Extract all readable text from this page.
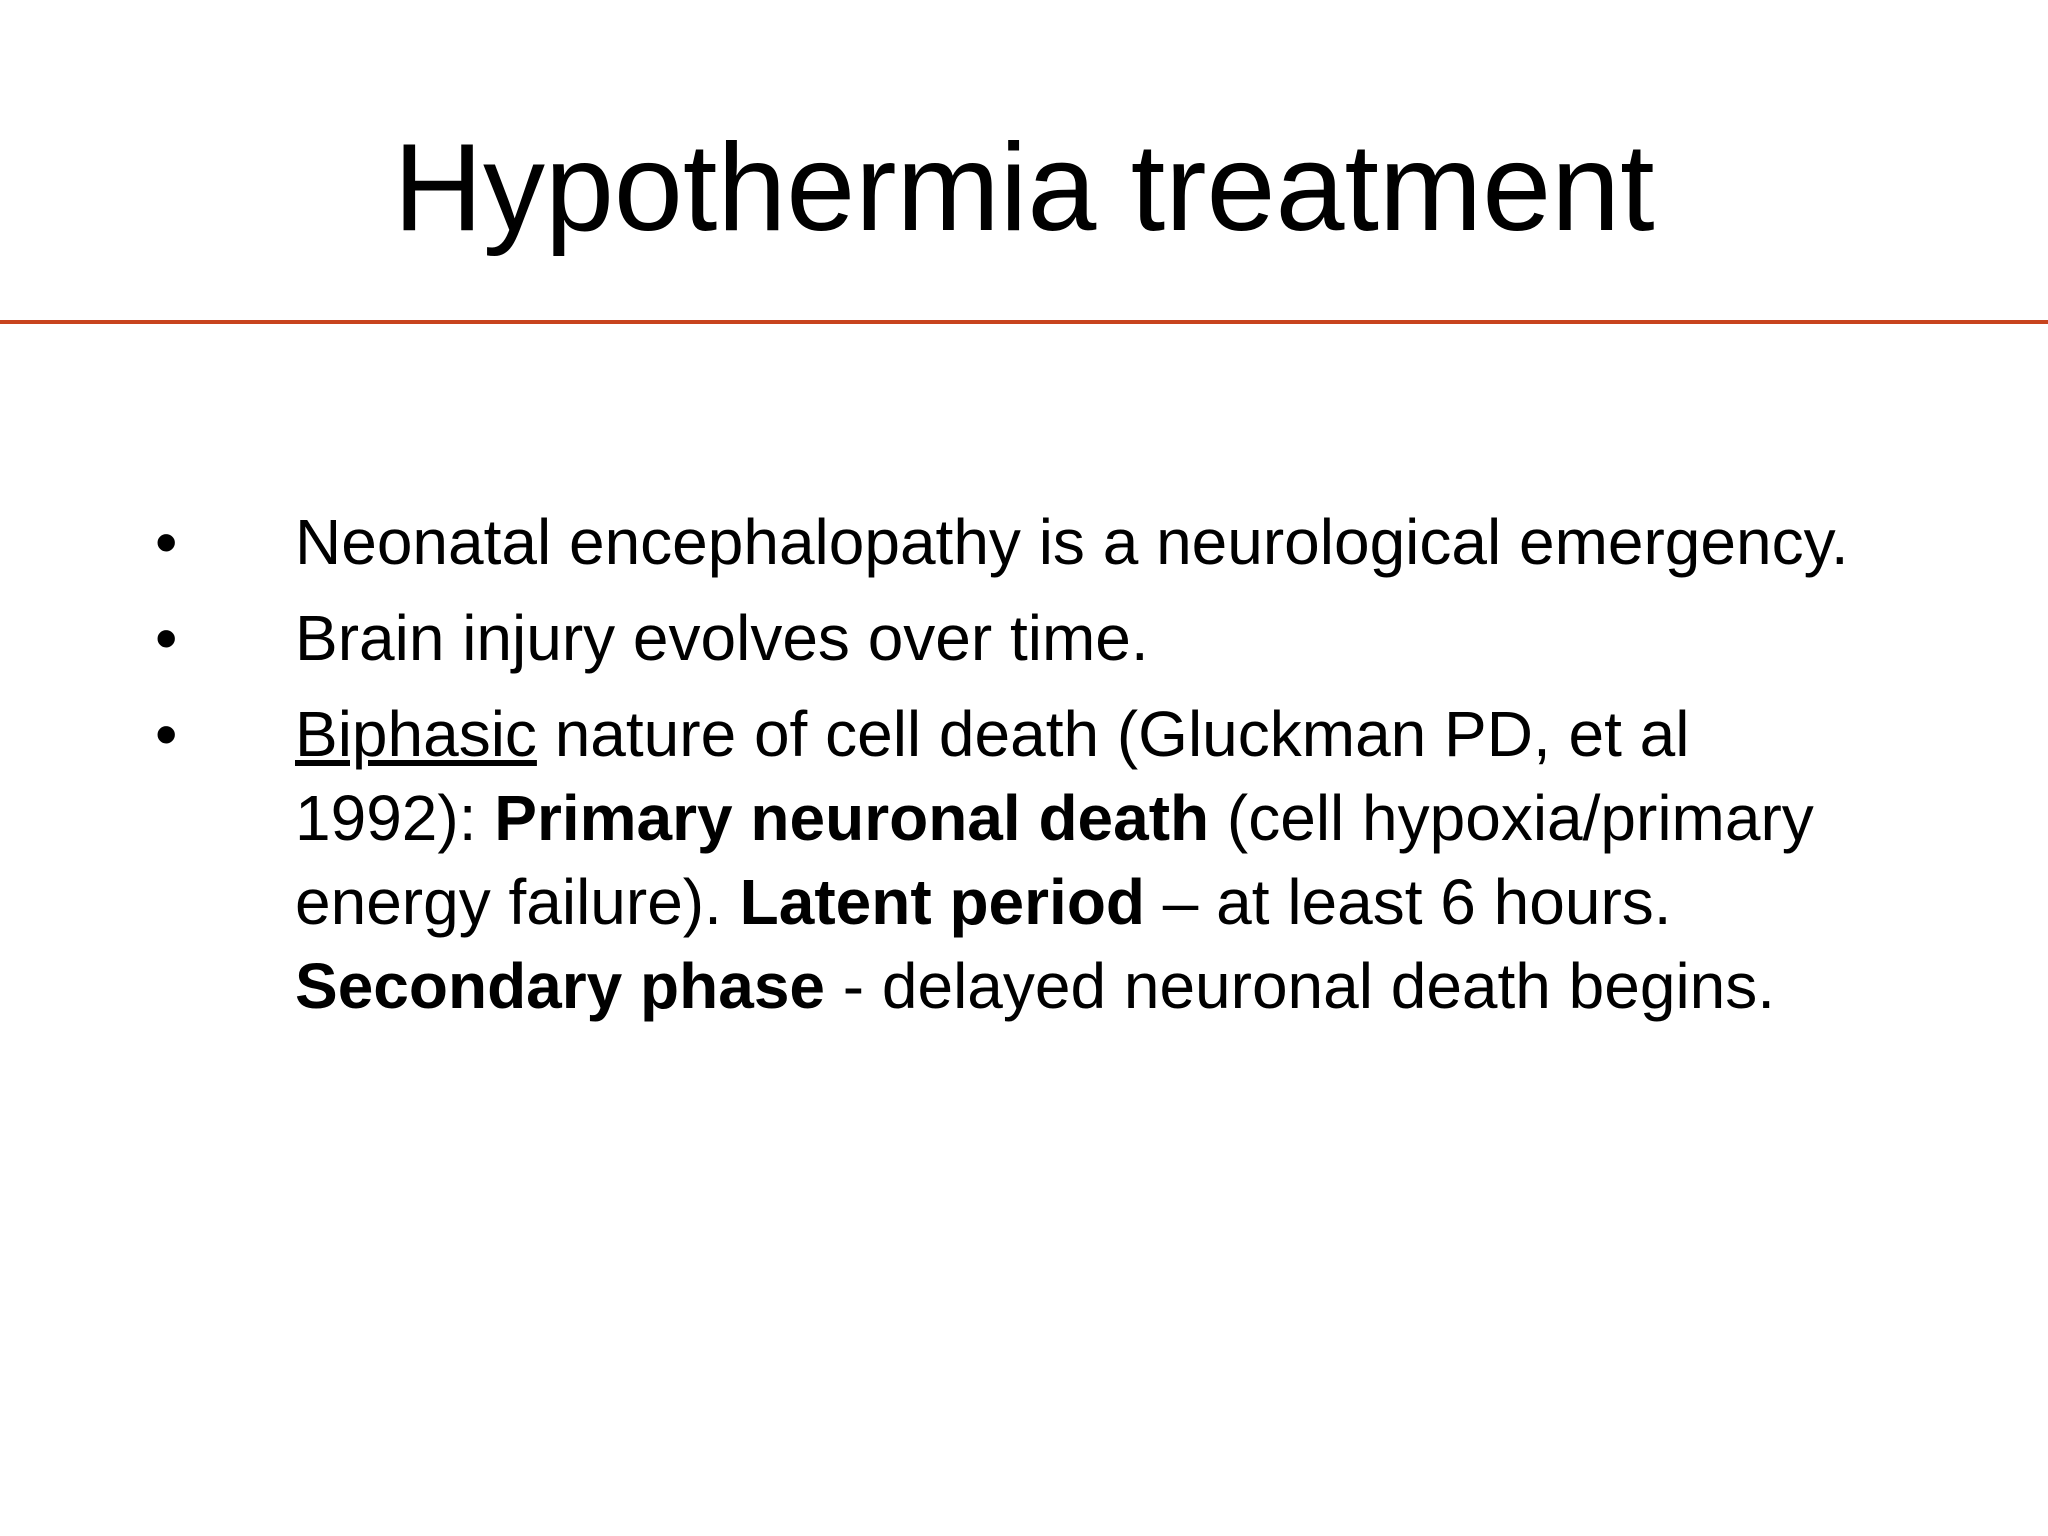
Hypothermia treatment
• Neonatal encephalopathy is a neurological emergency.
• Brain injury evolves over time.
• Biphasic nature of cell death (Gluckman PD, et al 1992): Primary neuronal death (cell hypoxia/primary energy failure). Latent period – at least 6 hours. Secondary phase - delayed neuronal death begins.
